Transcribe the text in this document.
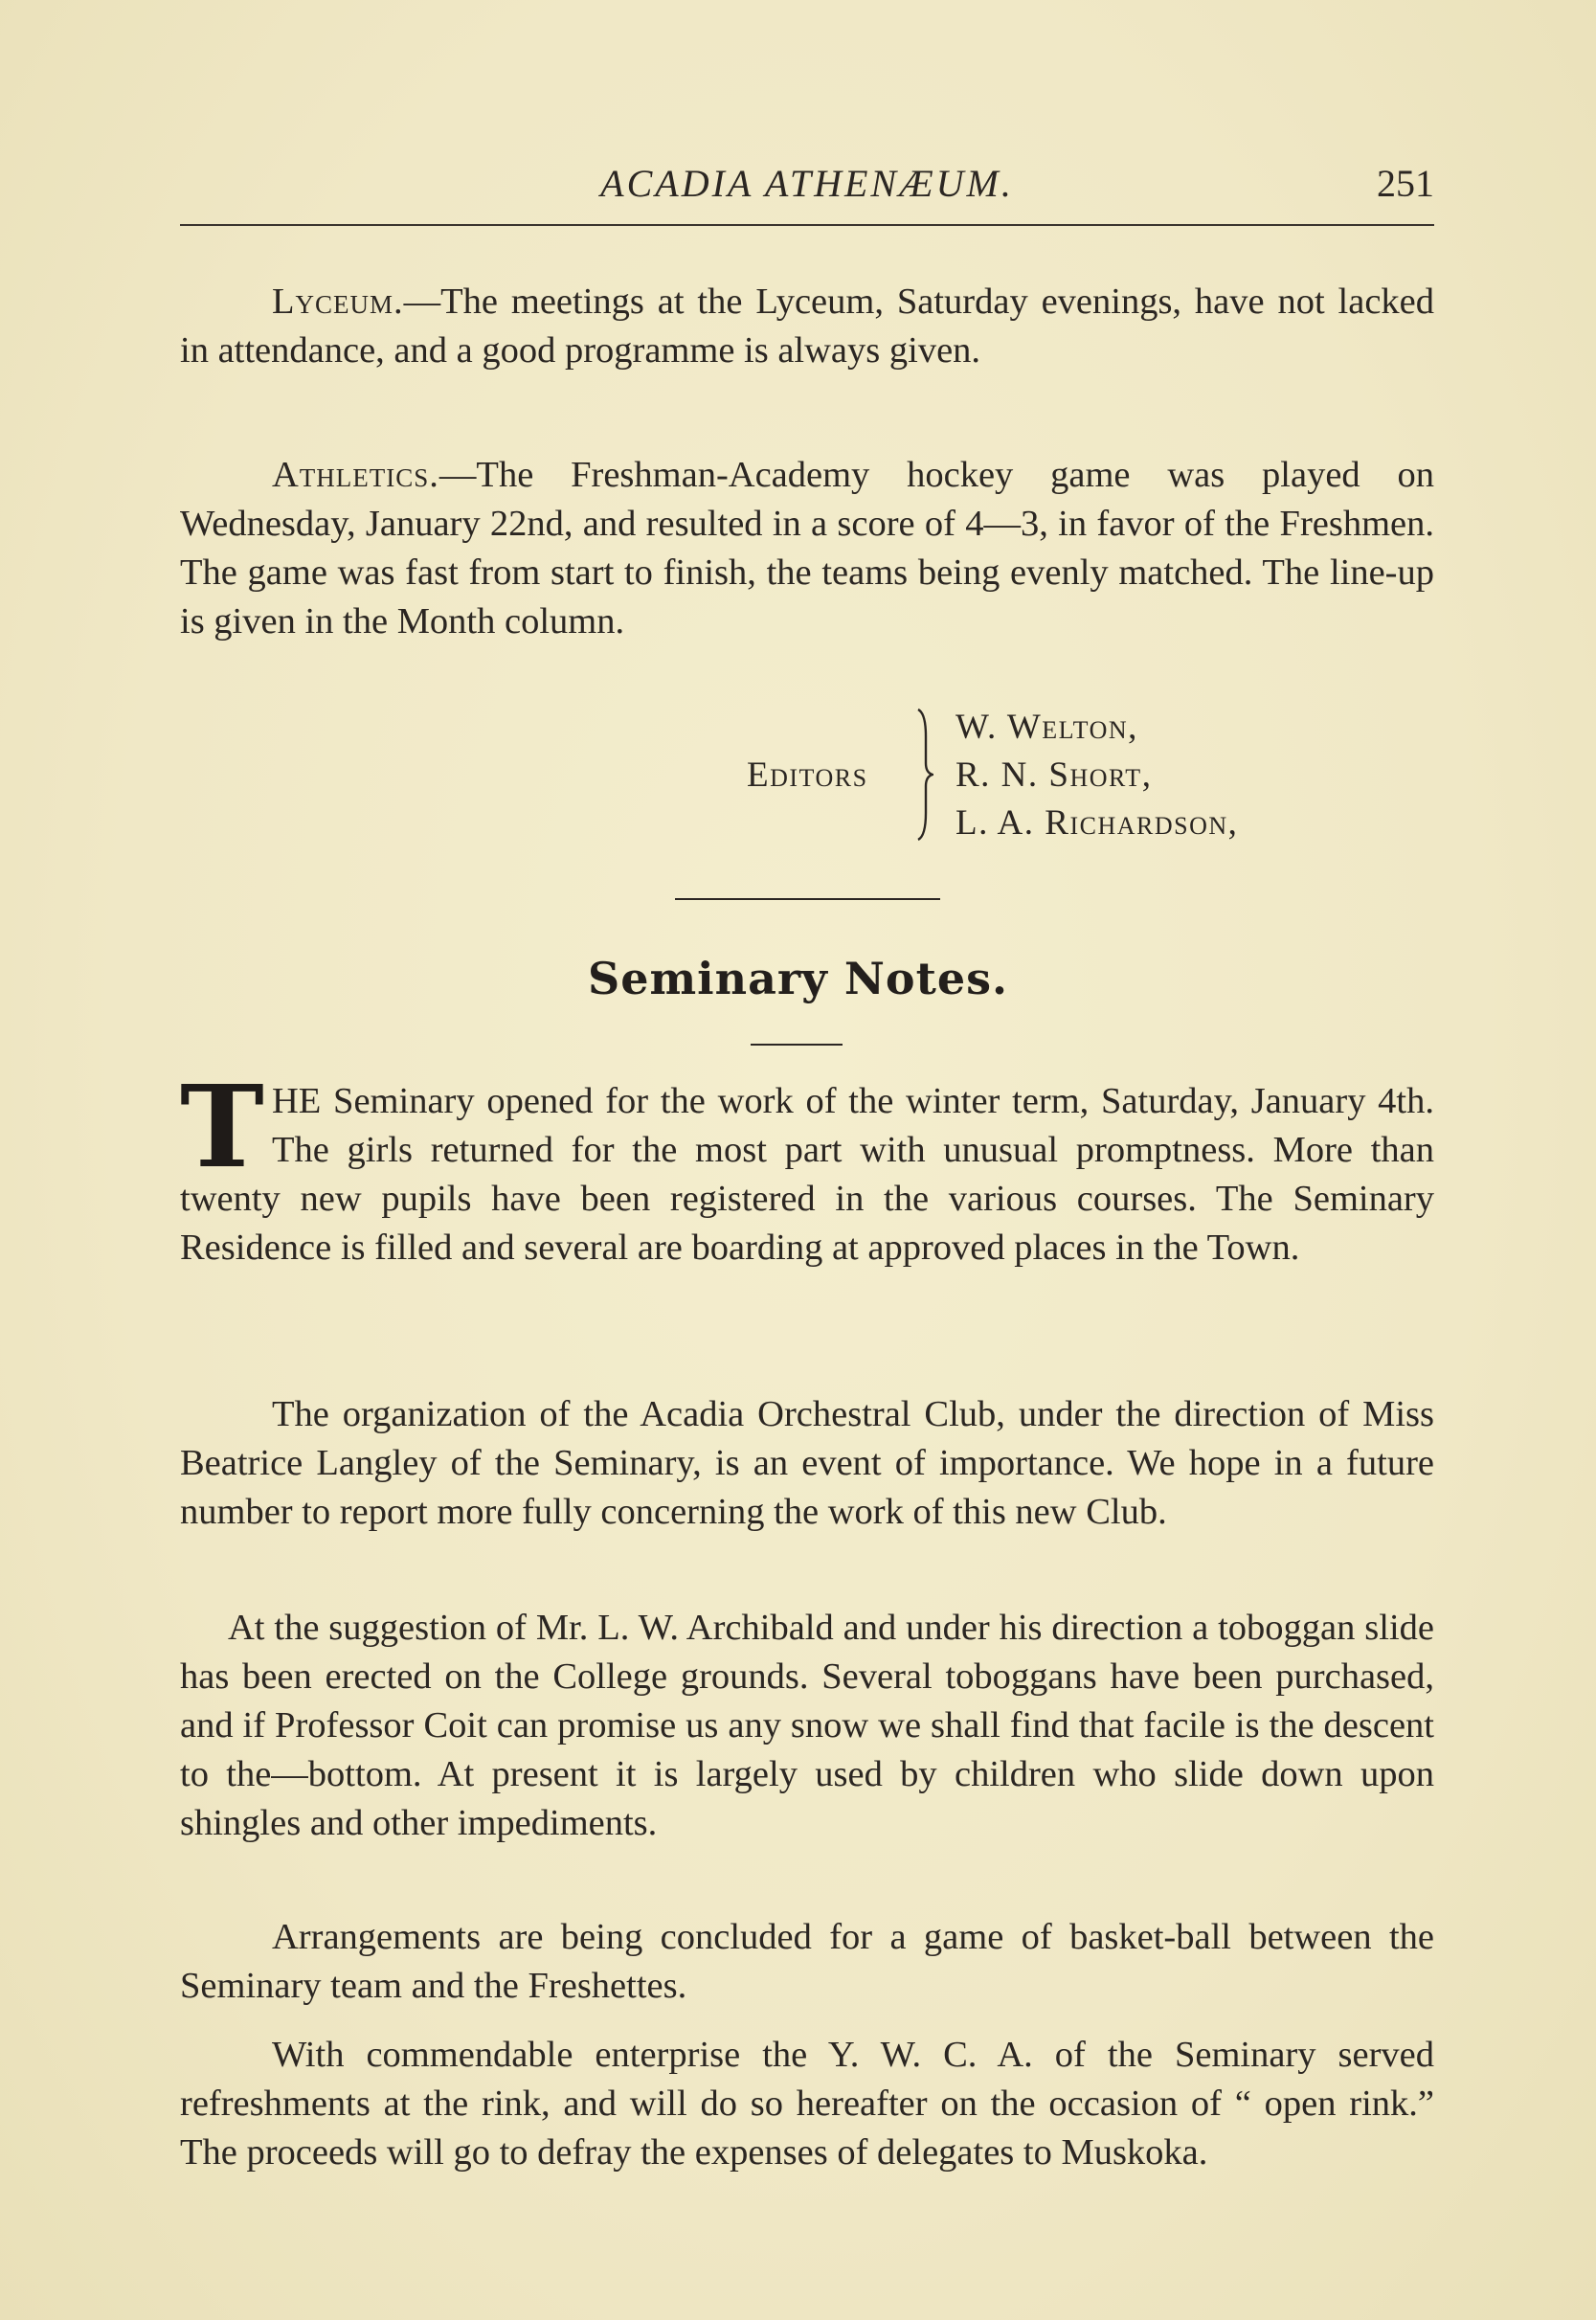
ACADIA ATHENÆUM.	251

Lyceum.—The meetings at the Lyceum, Saturday evenings, have not lacked in attendance, and a good programme is always given.

Athletics.—The Freshman-Academy hockey game was played on Wednesday, January 22nd, and resulted in a score of 4—3, in favor of the Freshmen. The game was fast from start to finish, the teams being evenly matched. The line-up is given in the Month column.

Editors
W. Welton,
R. N. Short,
L. A. Richardson,
Seminary Notes.
T HE Seminary opened for the work of the winter term, Saturday, January 4th. The girls returned for the most part with unusual promptness. More than twenty new pupils have been registered in the various courses. The Seminary Residence is filled and several are boarding at approved places in the Town.

The organization of the Acadia Orchestral Club, under the direction of Miss Beatrice Langley of the Seminary, is an event of importance. We hope in a future number to report more fully concerning the work of this new Club.

At the suggestion of Mr. L. W. Archibald and under his direction a toboggan slide has been erected on the College grounds. Several toboggans have been purchased, and if Professor Coit can promise us any snow we shall find that facile is the descent to the—bottom. At present it is largely used by children who slide down upon shingles and other impediments.

Arrangements are being concluded for a game of basket-ball between the Seminary team and the Freshettes.

With commendable enterprise the Y. W. C. A. of the Seminary served refreshments at the rink, and will do so hereafter on the occasion of “ open rink.” The proceeds will go to defray the expenses of delegates to Muskoka.
